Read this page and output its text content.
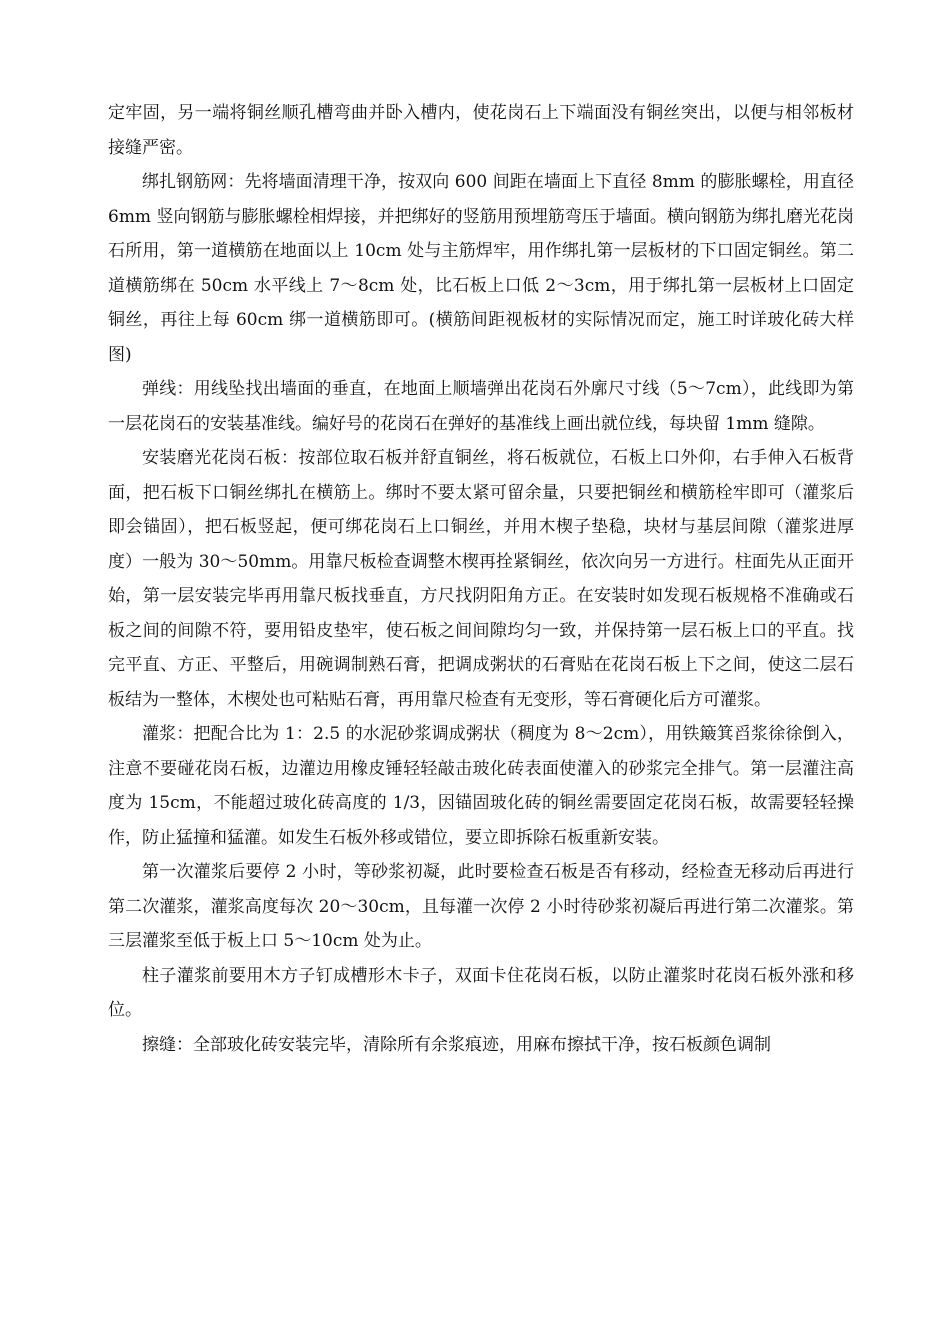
定牢固，另一端将铜丝顺孔槽弯曲并卧入槽内，使花岗石上下端面没有铜丝突出，以便与相邻板材接缝严密。

绑扎钢筋网：先将墙面清理干净，按双向 600 间距在墙面上下直径 8mm 的膨胀螺栓，用直径 6mm 竖向钢筋与膨胀螺栓相焊接，并把绑好的竖筋用预埋筋弯压于墙面。横向钢筋为绑扎磨光花岗石所用，第一道横筋在地面以上 10cm 处与主筋焊牢，用作绑扎第一层板材的下口固定铜丝。第二道横筋绑在 50cm 水平线上 7～8cm 处，比石板上口低 2～3cm，用于绑扎第一层板材上口固定铜丝，再往上每 60cm 绑一道横筋即可。(横筋间距视板材的实际情况而定，施工时详玻化砖大样图)

弹线：用线坠找出墙面的垂直，在地面上顺墙弹出花岗石外廓尺寸线（5～7cm），此线即为第一层花岗石的安装基准线。编好号的花岗石在弹好的基准线上画出就位线，每块留 1mm 缝隙。

安装磨光花岗石板：按部位取石板并舒直铜丝，将石板就位，石板上口外仰，右手伸入石板背面，把石板下口铜丝绑扎在横筋上。绑时不要太紧可留余量，只要把铜丝和横筋栓牢即可（灌浆后即会锚固），把石板竖起，便可绑花岗石上口铜丝，并用木楔子垫稳，块材与基层间隙（灌浆进厚度）一般为 30～50mm。用靠尺板检查调整木楔再拴紧铜丝，依次向另一方进行。柱面先从正面开始，第一层安装完毕再用靠尺板找垂直，方尺找阴阳角方正。在安装时如发现石板规格不准确或石板之间的间隙不符，要用铅皮垫牢，使石板之间间隙均匀一致，并保持第一层石板上口的平直。找完平直、方正、平整后，用碗调制熟石膏，把调成粥状的石膏贴在花岗石板上下之间，使这二层石板结为一整体，木楔处也可粘贴石膏，再用靠尺检查有无变形，等石膏硬化后方可灌浆。

灌浆：把配合比为 1：2.5 的水泥砂浆调成粥状（稠度为 8～2cm），用铁簸箕舀浆徐徐倒入，注意不要碰花岗石板，边灌边用橡皮锤轻轻敲击玻化砖表面使灌入的砂浆完全排气。第一层灌注高度为 15cm，不能超过玻化砖高度的 1/3，因锚固玻化砖的铜丝需要固定花岗石板，故需要轻轻操作，防止猛撞和猛灌。如发生石板外移或错位，要立即拆除石板重新安装。

第一次灌浆后要停 2 小时，等砂浆初凝，此时要检查石板是否有移动，经检查无移动后再进行第二次灌浆，灌浆高度每次 20～30cm，且每灌一次停 2 小时待砂浆初凝后再进行第二次灌浆。第三层灌浆至低于板上口 5～10cm 处为止。

柱子灌浆前要用木方子钉成槽形木卡子，双面卡住花岗石板，以防止灌浆时花岗石板外涨和移位。

擦缝：全部玻化砖安装完毕，清除所有余浆痕迹，用麻布擦拭干净，按石板颜色调制
